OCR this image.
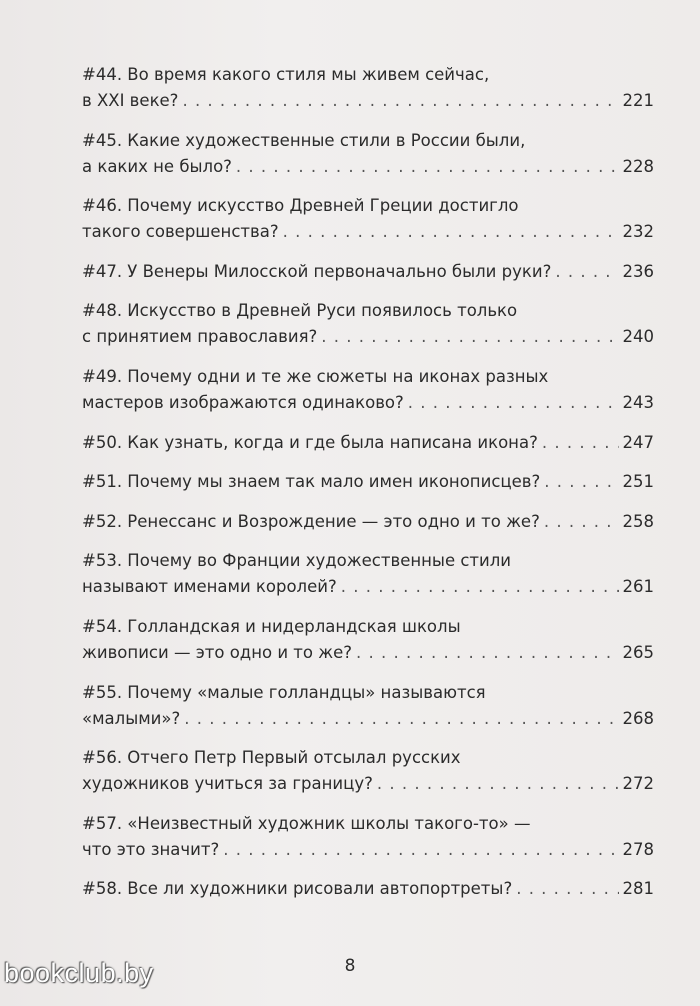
#44. Во время какого стиля мы живем сейчас,
в XXI веке? . . .	221
#45. Какие художественные стили в России были,
а каких не было? . . .	228
#46. Почему искусство Древней Греции достигло
такого совершенства? . . .	232
#47. У Венеры Милосской первоначально были руки? . . .	236
#48. Искусство в Древней Руси появилось только
с принятием православия? . . .	240
#49. Почему одни и те же сюжеты на иконах разных
мастеров изображаются одинаково? . . .	243
#50. Как узнать, когда и где была написана икона? . . .	247
#51. Почему мы знаем так мало имен иконописцев? . . .	251
#52. Ренессанс и Возрождение — это одно и то же? . . .	258
#53. Почему во Франции художественные стили
называют именами королей? . . .	261
#54. Голландская и нидерландская школы
живописи — это одно и то же? . . .	265
#55. Почему «малые голландцы» называются
«малыми»? . . .	268
#56. Отчего Петр Первый отсылал русских
художников учиться за границу? . . .	272
#57. «Неизвестный художник школы такого-то» —
что это значит? . . .	278
#58. Все ли художники рисовали автопортреты? . . .	281
8
bookclub.by
